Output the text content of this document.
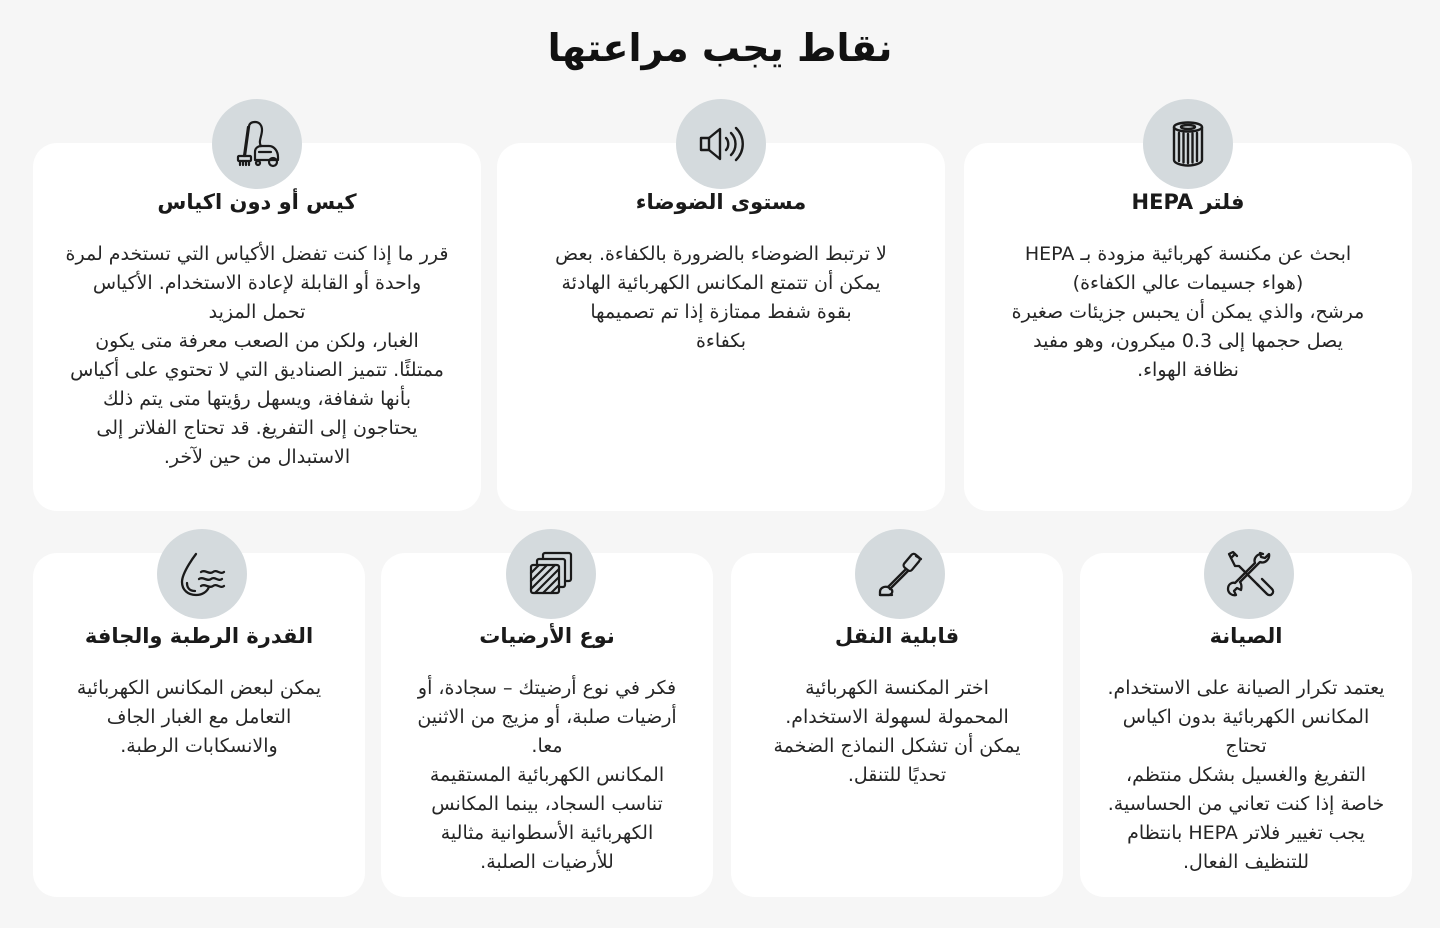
نقاط يجب مراعتها
فلتر HEPA
مستوى الضوضاء
كيس أو دون اكياس

ابحث عن مكنسة كهربائية مزودة بـ HEPA
(هواء جسيمات عالي الكفاءة)
مرشح، والذي يمكن أن يحبس جزيئات صغيرة
يصل حجمها إلى 0.3 ميكرون، وهو مفيد
نظافة الهواء.

لا ترتبط الضوضاء بالضرورة بالكفاءة. بعض
يمكن أن تتمتع المكانس الكهربائية الهادئة
بقوة شفط ممتازة إذا تم تصميمها
بكفاءة

قرر ما إذا كنت تفضل الأكياس التي تستخدم لمرة
واحدة أو القابلة لإعادة الاستخدام. الأكياس
تحمل المزيد
الغبار، ولكن من الصعب معرفة متى يكون
ممتلئًا. تتميز الصناديق التي لا تحتوي على أكياس
بأنها شفافة، ويسهل رؤيتها متى يتم ذلك
يحتاجون إلى التفريغ. قد تحتاج الفلاتر إلى
الاستبدال من حين لآخر.

الصيانة
قابلية النقل
نوع الأرضيات
القدرة الرطبة والجافة

يعتمد تكرار الصيانة على الاستخدام.
المكانس الكهربائية بدون اكياس
تحتاج
التفريغ والغسيل بشكل منتظم،
خاصة إذا كنت تعاني من الحساسية.
يجب تغيير فلاتر HEPA بانتظام
للتنظيف الفعال.

اختر المكنسة الكهربائية
المحمولة لسهولة الاستخدام.
يمكن أن تشكل النماذج الضخمة
تحديًا للتنقل.

فكر في نوع أرضيتك – سجادة، أو
أرضيات صلبة، أو مزيج من الاثنين
معا.
المكانس الكهربائية المستقيمة
تناسب السجاد، بينما المكانس
الكهربائية الأسطوانية مثالية
للأرضيات الصلبة.

يمكن لبعض المكانس الكهربائية
التعامل مع الغبار الجاف
والانسكابات الرطبة.
